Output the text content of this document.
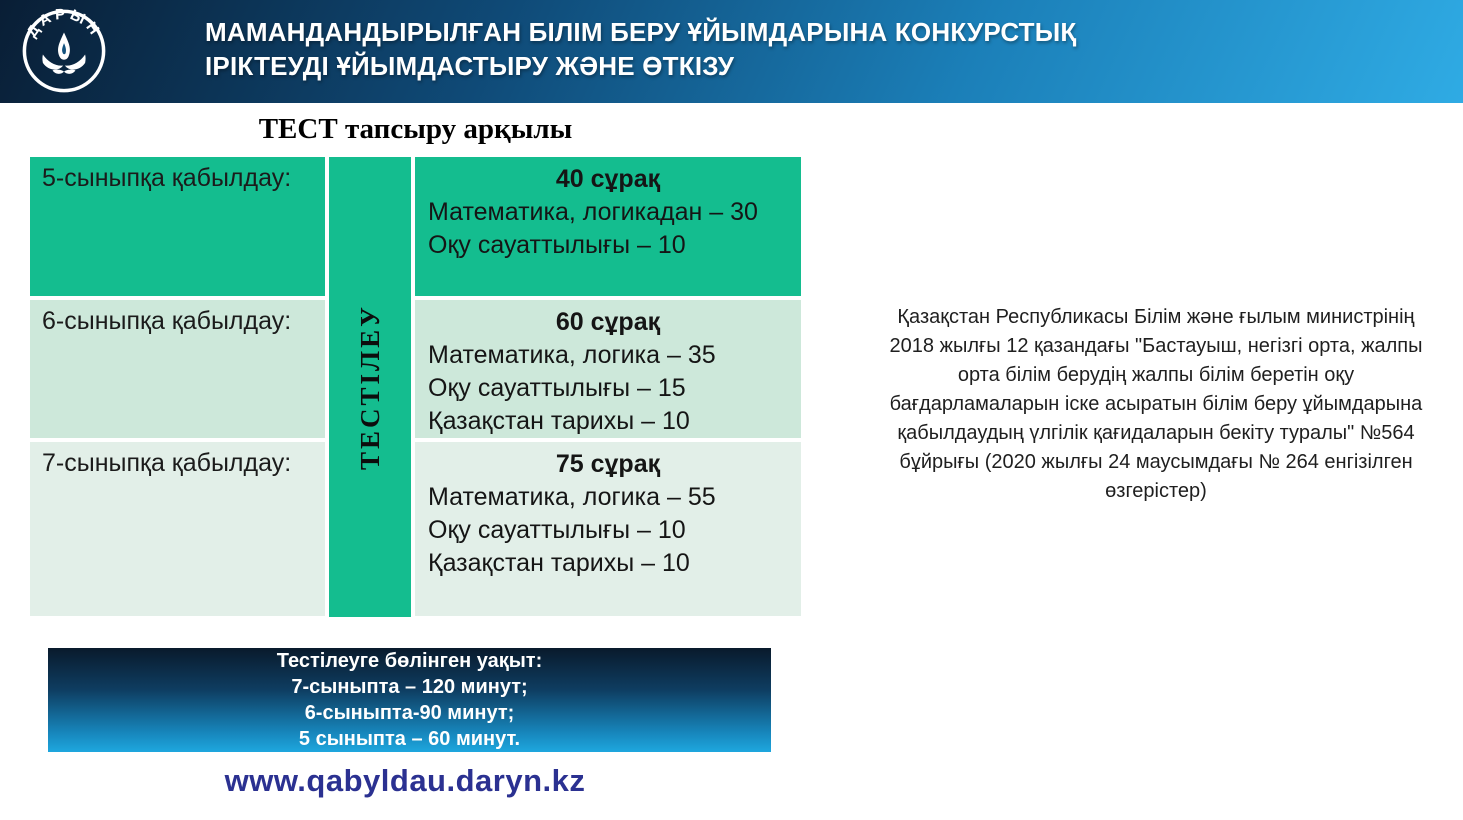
ДАРЫН	МАМАНДАНДЫРЫЛҒАН БІЛІМ БЕРУ ҰЙЫМДАРЫНА КОНКУРСТЫҚ
ІРІКТЕУДІ ҰЙЫМДАСТЫРУ ЖӘНЕ ӨТКІЗУ
ТЕСТ тапсыру арқылы
5-сыныпқа қабылдау:
6-сыныпқа қабылдау:
7-сыныпқа қабылдау:	ТЕСТІЛЕУ
40 сұрақ
Математика, логикадан – 30
Оқу сауаттылығы – 10
60 сұрақ
Математика, логика – 35
Оқу сауаттылығы – 15
Қазақстан тарихы – 10
75 сұрақ
Математика, логика – 55
Оқу сауаттылығы – 10
Қазақстан тарихы – 10
Қазақстан Республикасы Білім және ғылым министрінің 2018 жылғы 12 қазандағы "Бастауыш, негізгі орта, жалпы орта білім берудің жалпы білім беретін оқу бағдарламаларын іске асыратын білім беру ұйымдарына қабылдаудың үлгілік қағидаларын бекіту туралы" №564 бұйрығы (2020 жылғы 24 маусымдағы № 264 енгізілген өзгерістер)
Тестілеуге бөлінген уақыт:
7-сыныпта – 120 минут;
6-сыныпта-90 минут;
5 сыныпта – 60 минут.
www.qabyldau.daryn.kz
